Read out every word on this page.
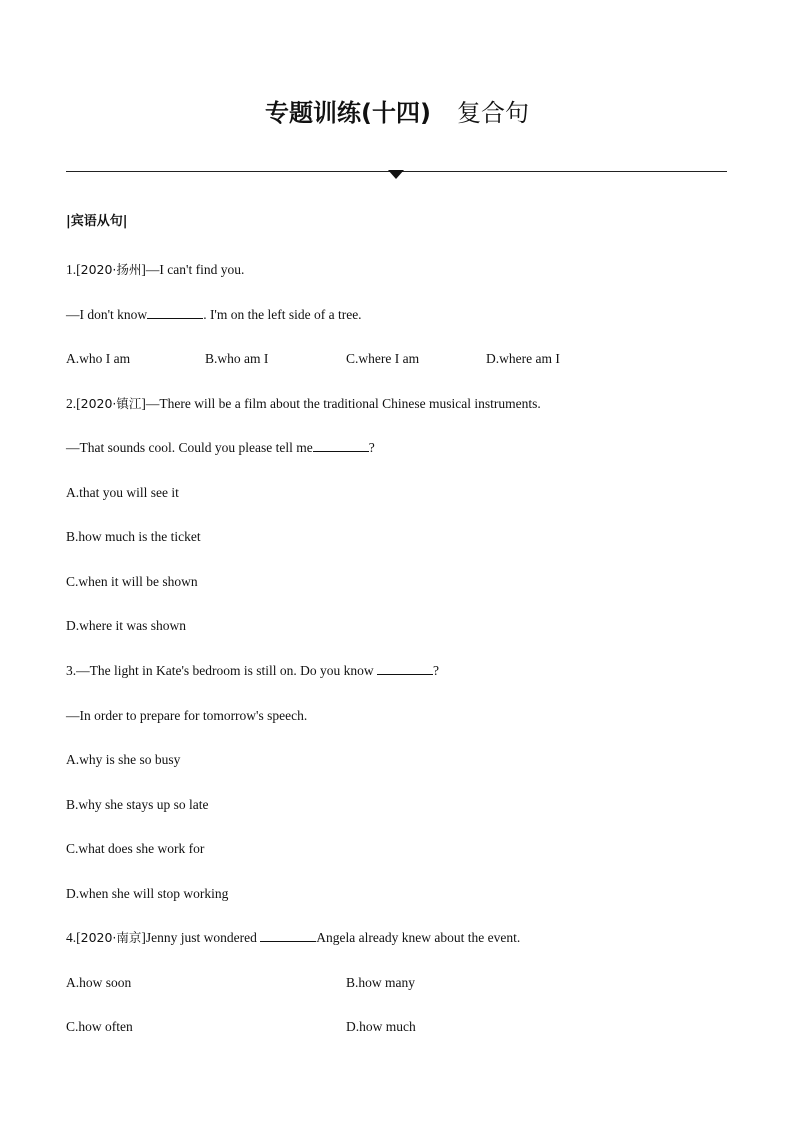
专题训练(十四) 复合句
|宾语从句|
1.[2020·扬州]—I can't find you.
—I don't know	. I'm on the left side of a tree.
A.who I am	B.who am I	C.where I am	D.where am I
2.[2020·镇江]—There will be a film about the traditional Chinese musical instruments.
—That sounds cool. Could you please tell me	?
A.that you will see it
B.how much is the ticket
C.when it will be shown
D.where it was shown
3.—The light in Kate's bedroom is still on. Do you know	?
—In order to prepare for tomorrow's speech.
A.why is she so busy
B.why she stays up so late
C.what does she work for
D.when she will stop working
4.[2020·南京]Jenny just wondered	Angela already knew about the event.
A.how soon	B.how many
C.how often	D.how much
